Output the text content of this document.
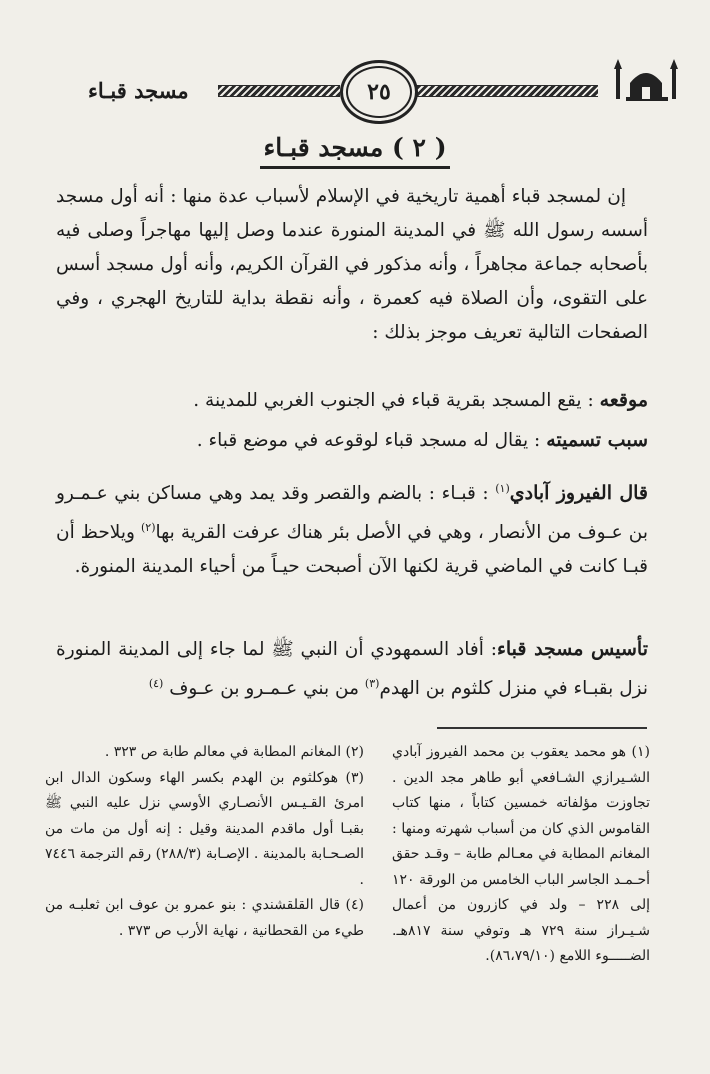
٢٥
مسجد قبـاء
( ٢ ) مسجد قبـاء

إن لمسجد قباء أهمية تاريخية في الإسلام لأسباب عدة منها : أنه أول مسجد أسسه رسول الله ﷺ في المدينة المنورة عندما وصل إليها مهاجراً وصلى فيه بأصحابه جماعة مجاهراً ، وأنه مذكور في القرآن الكريم، وأنه أول مسجد أسس على التقوى، وأن الصلاة فيه كعمرة ، وأنه نقطة بداية للتاريخ الهجري ، وفي الصفحات التالية تعريف موجز بذلك :

موقعه : يقع المسجد بقرية قباء في الجنوب الغربي للمدينة .

سبب تسميته : يقال له مسجد قباء لوقوعه في موضع قباء .

قال الفيروز آبادي$^{(١)}$ : قبـاء : بالضم والقصر وقد يمد وهي مساكن بني عـمـرو بن عـوف من الأنصار ، وهي في الأصل بئر هناك عرفت القرية بها$^{(٢)}$ ويلاحظ أن قبـا كانت في الماضي قرية لكنها الآن أصبحت حيـاً من أحياء المدينة المنورة.

تأسيس مسجد قباء: أفاد السمهودي أن النبي ﷺ لما جاء إلى المدينة المنورة نزل بقبـاء في منزل كلثوم بن الهدم$^{(٣)}$ من بني عـمـرو بن عـوف $^{(٤)}$

(١) هو محمد يعقوب بن محمد الفيروز آبادي الشـيرازي الشـافعي أبو طاهر مجد الدين . تجاوزت مؤلفاته خمسين كتاباً ، منها كتاب القاموس الذي كان من أسباب شهرته ومنها : المغانم المطابة في معـالم طابة – وقـد حقق أحـمـد الجاسر الباب الخامس من الورقة ١٢٠ إلى ٢٢٨ – ولد في كازرون من أعمال شـيـراز سنة ٧٢٩ هـ وتوفي سنة ٨١٧هـ. الضـــــوء اللامع (٨٦،٧٩/١٠).

(٢) المغانم المطابة في معالم طابة ص ٣٢٣ .

(٣) هوكلثوم بن الهدم بكسر الهاء وسكون الدال ابن امرئ القـيـس الأنصـاري الأوسي نزل عليه النبي ﷺ بقبـا أول ماقدم المدينة وقيل : إنه أول من مات من الصـحـابة بالمدينة . الإصـابة (٢٨٨/٣) رقم الترجمة ٧٤٤٦ .

(٤) قال القلقشندي : بنو عمرو بن عوف ابن ثعلبـه من طيء من القحطانية ، نهاية الأرب ص ٣٧٣ .
